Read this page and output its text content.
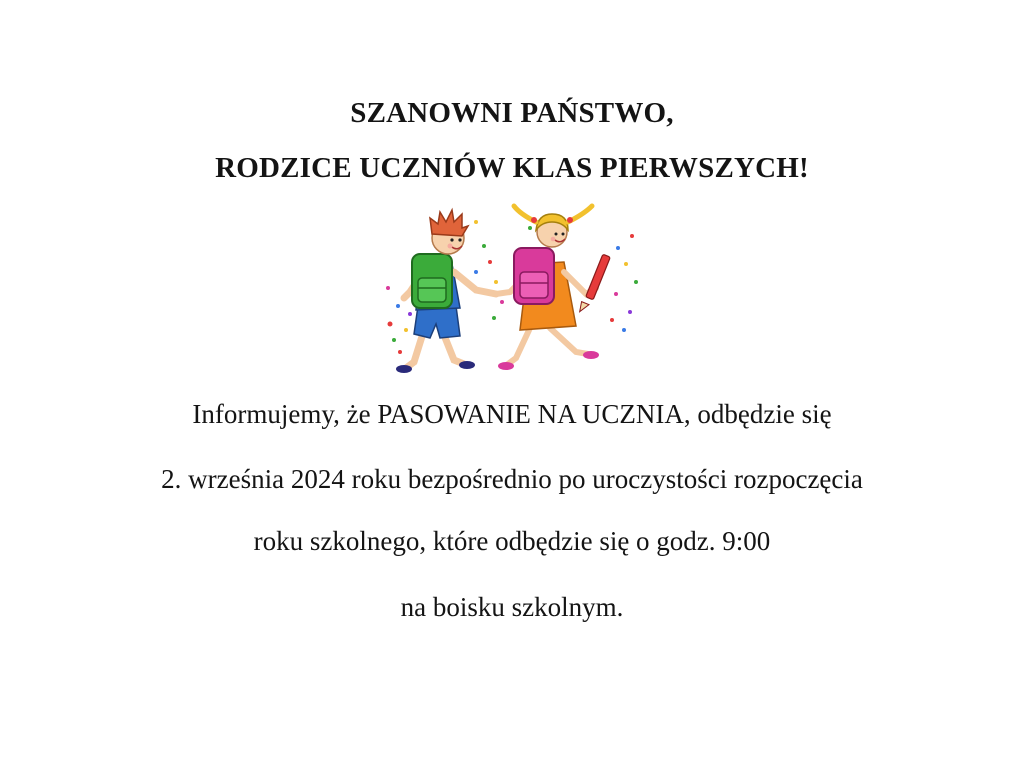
SZANOWNI PAŃSTWO,
RODZICE UCZNIÓW KLAS PIERWSZYCH!
Informujemy, że PASOWANIE NA UCZNIA, odbędzie się
2. września 2024 roku bezpośrednio po uroczystości rozpoczęcia
roku szkolnego, które odbędzie się o godz. 9:00
na boisku szkolnym.
